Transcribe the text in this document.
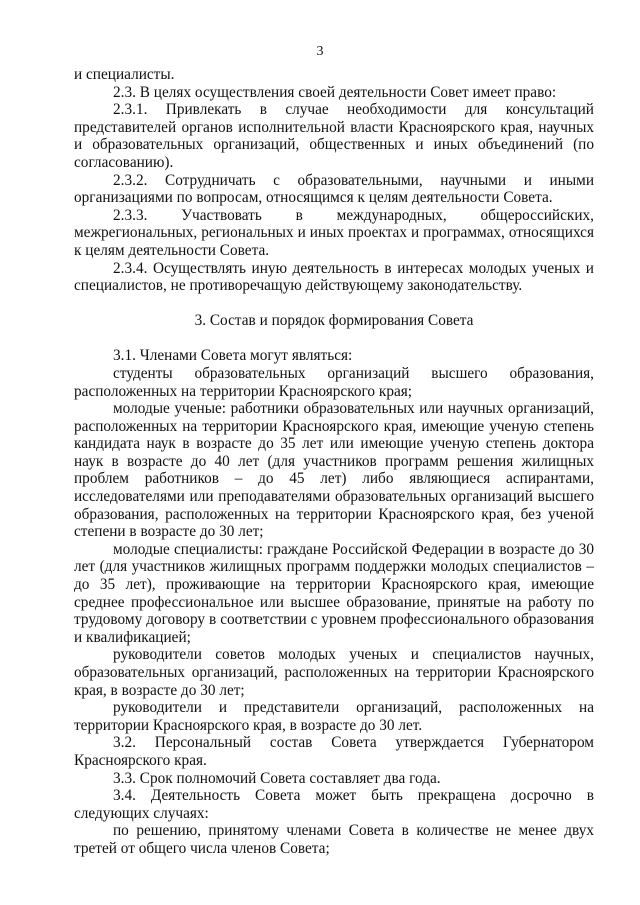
3

и специалисты.

2.3. В целях осуществления своей деятельности Совет имеет право:

2.3.1. Привлекать в случае необходимости для консультаций представителей органов исполнительной власти Красноярского края, научных и образовательных организаций, общественных и иных объединений (по согласованию).

2.3.2. Сотрудничать с образовательными, научными и иными организациями по вопросам, относящимся к целям деятельности Совета.

2.3.3. Участвовать в международных, общероссийских, межрегиональных, региональных и иных проектах и программах, относящихся к целям деятельности Совета.

2.3.4. Осуществлять иную деятельность в интересах молодых ученых и специалистов, не противоречащую действующему законодательству.

3. Состав и порядок формирования Совета

3.1. Членами Совета могут являться:

студенты образовательных организаций высшего образования, расположенных на территории Красноярского края;

молодые ученые: работники образовательных или научных организаций, расположенных на территории Красноярского края, имеющие ученую степень кандидата наук в возрасте до 35 лет или имеющие ученую степень доктора наук в возрасте до 40 лет (для участников программ решения жилищных проблем работников – до 45 лет) либо являющиеся аспирантами, исследователями или преподавателями образовательных организаций высшего образования, расположенных на территории Красноярского края, без ученой степени в возрасте до 30 лет;

молодые специалисты: граждане Российской Федерации в возрасте до 30 лет (для участников жилищных программ поддержки молодых специалистов – до 35 лет), проживающие на территории Красноярского края, имеющие среднее профессиональное или высшее образование, принятые на работу по трудовому договору в соответствии с уровнем профессионального образования и квалификацией;

руководители советов молодых ученых и специалистов научных, образовательных организаций, расположенных на территории Красноярского края, в возрасте до 30 лет;

руководители и представители организаций, расположенных на территории Красноярского края, в возрасте до 30 лет.

3.2. Персональный состав Совета утверждается Губернатором Красноярского края.

3.3. Срок полномочий Совета составляет два года.

3.4. Деятельность Совета может быть прекращена досрочно в следующих случаях:

по решению, принятому членами Совета в количестве не менее двух третей от общего числа членов Совета;
